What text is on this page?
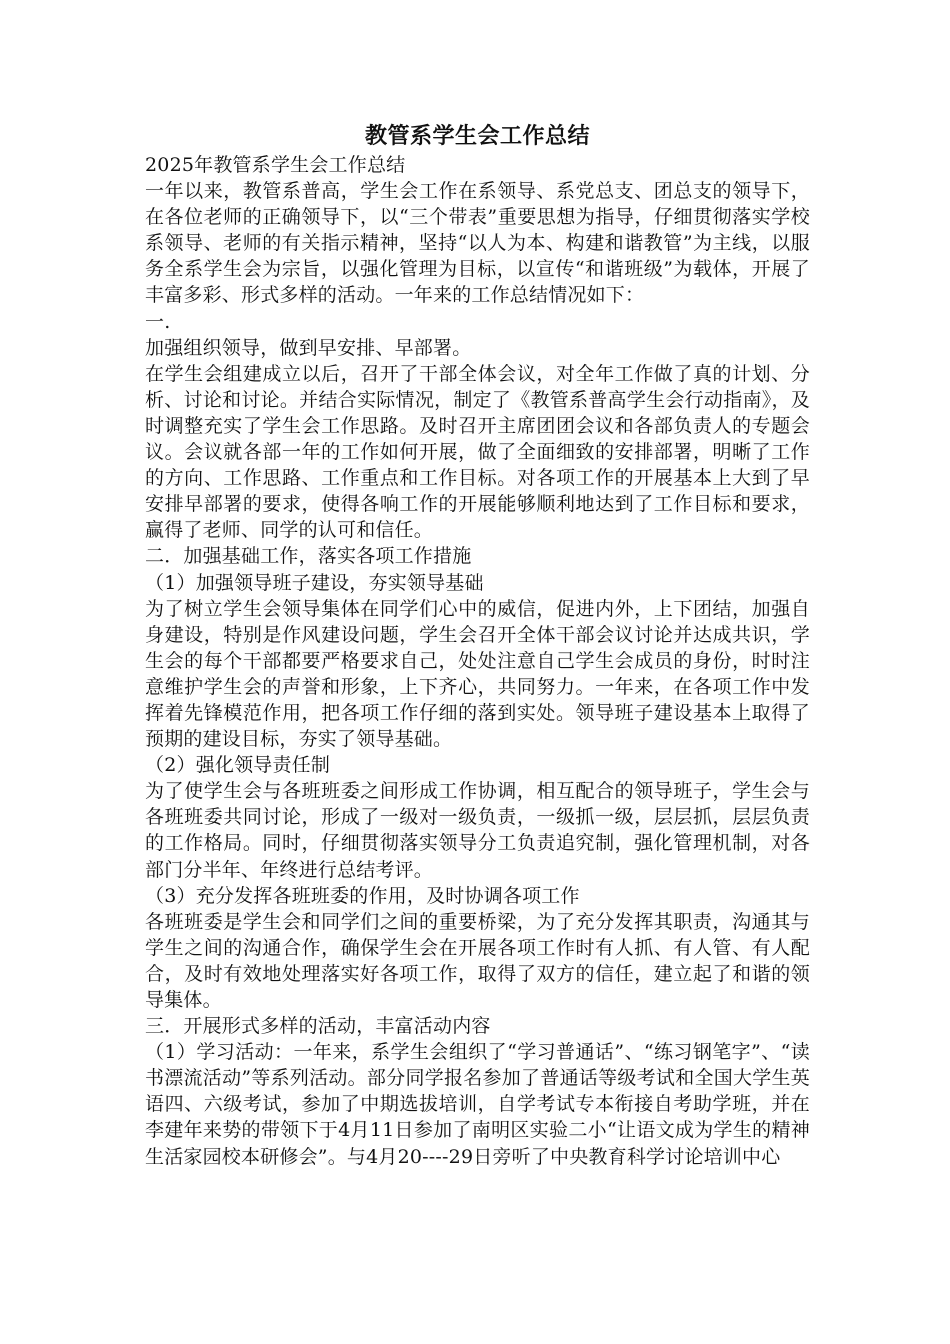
教管系学生会工作总结

2025年教管系学生会工作总结

一年以来，教管系普高，学生会工作在系领导、系党总支、团总支的领导下，在各位老师的正确领导下，以“三个带表”重要思想为指导，仔细贯彻落实学校系领导、老师的有关指示精神，坚持“以人为本、构建和谐教管”为主线，以服务全系学生会为宗旨，以强化管理为目标，以宣传“和谐班级”为载体，开展了丰富多彩、形式多样的活动。一年来的工作总结情况如下：

一.

加强组织领导，做到早安排、早部署。

在学生会组建成立以后，召开了干部全体会议，对全年工作做了真的计划、分析、讨论和讨论。并结合实际情况，制定了《教管系普高学生会行动指南》，及时调整充实了学生会工作思路。及时召开主席团团会议和各部负责人的专题会议。会议就各部一年的工作如何开展，做了全面细致的安排部署，明晰了工作的方向、工作思路、工作重点和工作目标。对各项工作的开展基本上大到了早安排早部署的要求，使得各响工作的开展能够顺利地达到了工作目标和要求，赢得了老师、同学的认可和信任。

二．加强基础工作，落实各项工作措施

（1）加强领导班子建设，夯实领导基础

为了树立学生会领导集体在同学们心中的威信，促进内外，上下团结，加强自身建设，特别是作风建设问题，学生会召开全体干部会议讨论并达成共识，学生会的每个干部都要严格要求自己，处处注意自己学生会成员的身份，时时注意维护学生会的声誉和形象，上下齐心，共同努力。一年来，在各项工作中发挥着先锋模范作用，把各项工作仔细的落到实处。领导班子建设基本上取得了预期的建设目标，夯实了领导基础。

（2）强化领导责任制

为了使学生会与各班班委之间形成工作协调，相互配合的领导班子，学生会与各班班委共同讨论，形成了一级对一级负责，一级抓一级，层层抓，层层负责的工作格局。同时，仔细贯彻落实领导分工负责追究制，强化管理机制，对各部门分半年、年终进行总结考评。

（3）充分发挥各班班委的作用，及时协调各项工作

各班班委是学生会和同学们之间的重要桥梁，为了充分发挥其职责，沟通其与学生之间的沟通合作，确保学生会在开展各项工作时有人抓、有人管、有人配合，及时有效地处理落实好各项工作，取得了双方的信任，建立起了和谐的领导集体。

三．开展形式多样的活动，丰富活动内容

（1）学习活动：一年来，系学生会组织了“学习普通话”、“练习钢笔字”、“读书漂流活动”等系列活动。部分同学报名参加了普通话等级考试和全国大学生英语四、六级考试，参加了中期选拔培训，自学考试专本衔接自考助学班，并在李建年来势的带领下于4月11日参加了南明区实验二小“让语文成为学生的精神生活家园校本研修会”。与4月20----29日旁听了中央教育科学讨论培训中心
